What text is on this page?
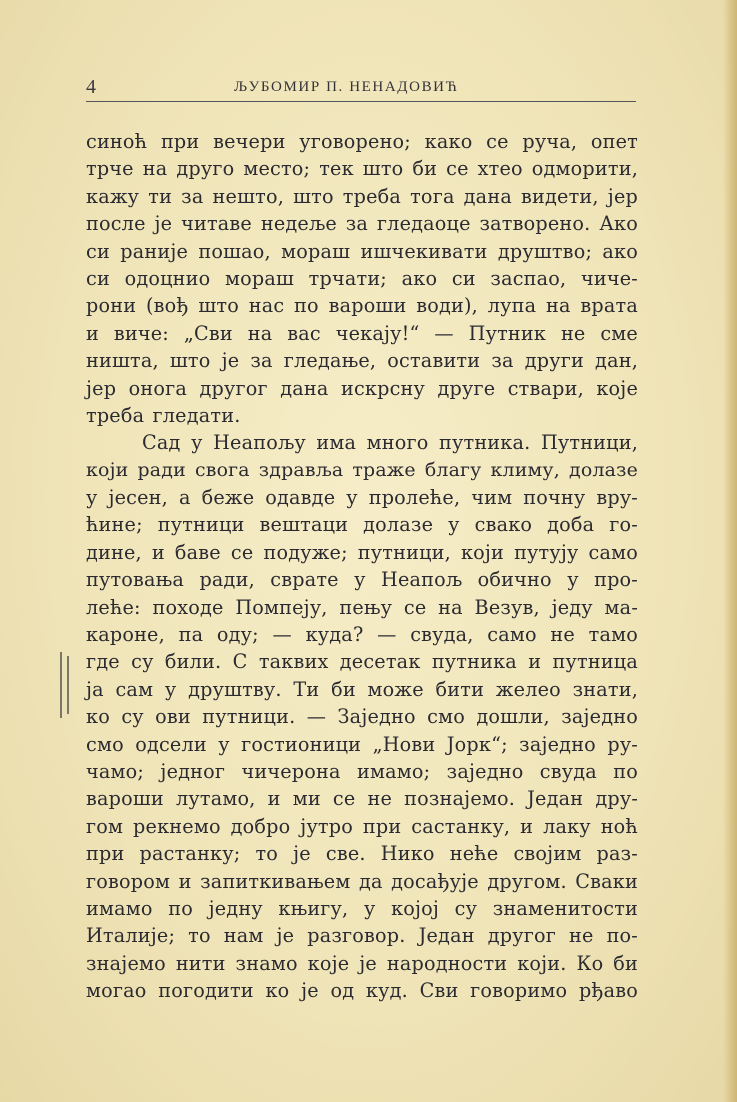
4	ЉУБОМИР П. НЕНАДОВИЋ
синоћ при вечери уговорено; како се руча, опет
трче на друго место; тек што би се хтео одморити,
кажу ти за нешто, што треба тога дана видети, јер
после је читаве недеље за гледаоце затворено. Ако
си раније пошао, мораш ишчекивати друштво; ако
си одоцнио мораш трчати; ако си заспао, чиче-
рони (вођ што нас по вароши води), лупа на врата
и виче: „Сви на вас чекају!“ — Путник не сме
ништа, што је за гледање, оставити за други дан,
јер онога другог дана искрсну друге ствари, које
треба гледати.
Сад у Неапољу има много путника. Путници,
који ради свога здравља траже благу климу, долазе
у јесен, а беже одавде у пролеће, чим почну вру-
ћине; путници вештаци долазе у свако доба го-
дине, и баве се подуже; путници, који путују само
путовања ради, сврате у Неапољ обично у про-
леће: походе Помпеју, пењу се на Везув, једу ма-
кароне, па оду; — куда? — свуда, само не тамо
где су били. С таквих десетак путника и путница
ја сам у друштву. Ти би може бити желео знати,
ко су ови путници. — Заједно смо дошли, заједно
смо одсели у гостионици „Нови Јорк“; заједно ру-
чамо; једног чичерона имамо; заједно свуда по
вароши лутамо, и ми се не познајемо. Један дру-
гом рекнемо добро јутро при састанку, и лаку ноћ
при растанку; то је све. Нико неће својим раз-
говором и запиткивањем да досађује другом. Сваки
имамо по једну књигу, у којој су знаменитости
Италије; то нам је разговор. Један другог не по-
знајемо нити знамо које је народности који. Ко би
могао погодити ко је од куд. Сви говоримо рђаво
